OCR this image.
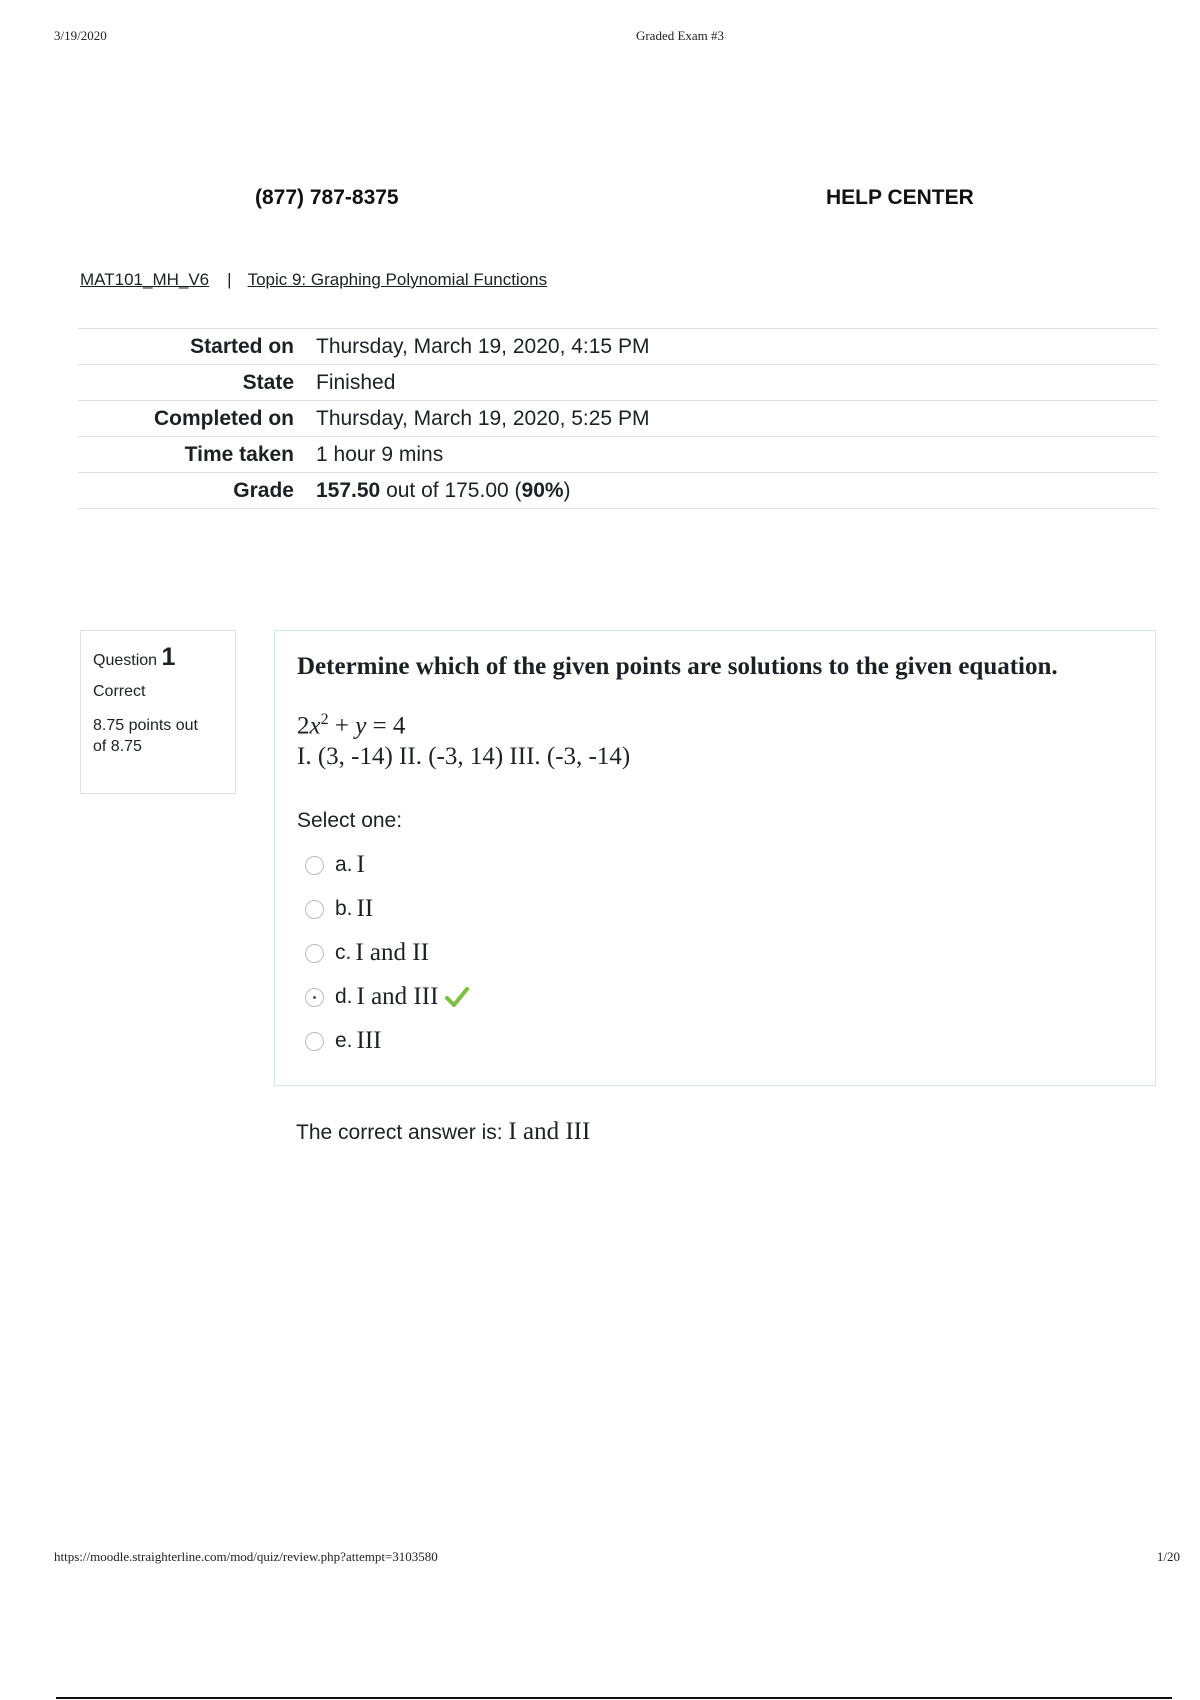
3/19/2020	Graded Exam #3
(877) 787-8375	HELP CENTER
MAT101_MH_V6 | Topic 9: Graphing Polynomial Functions
Started on	Thursday, March 19, 2020, 4:15 PM
State	Finished
Completed on	Thursday, March 19, 2020, 5:25 PM
Time taken	1 hour 9 mins
Grade	157.50 out of 175.00 (90%)
Question 1
Correct
8.75 points out
of 8.75
Determine which of the given points are solutions to the given equation.
$2x^2 + y = 4$
I. (3, -14) II. (-3, 14) III. (-3, -14)
Select one:
a. I
b. II
c. I and II
d. I and III
e. III
The correct answer is: I and III
https://moodle.straighterline.com/mod/quiz/review.php?attempt=3103580	1/20
